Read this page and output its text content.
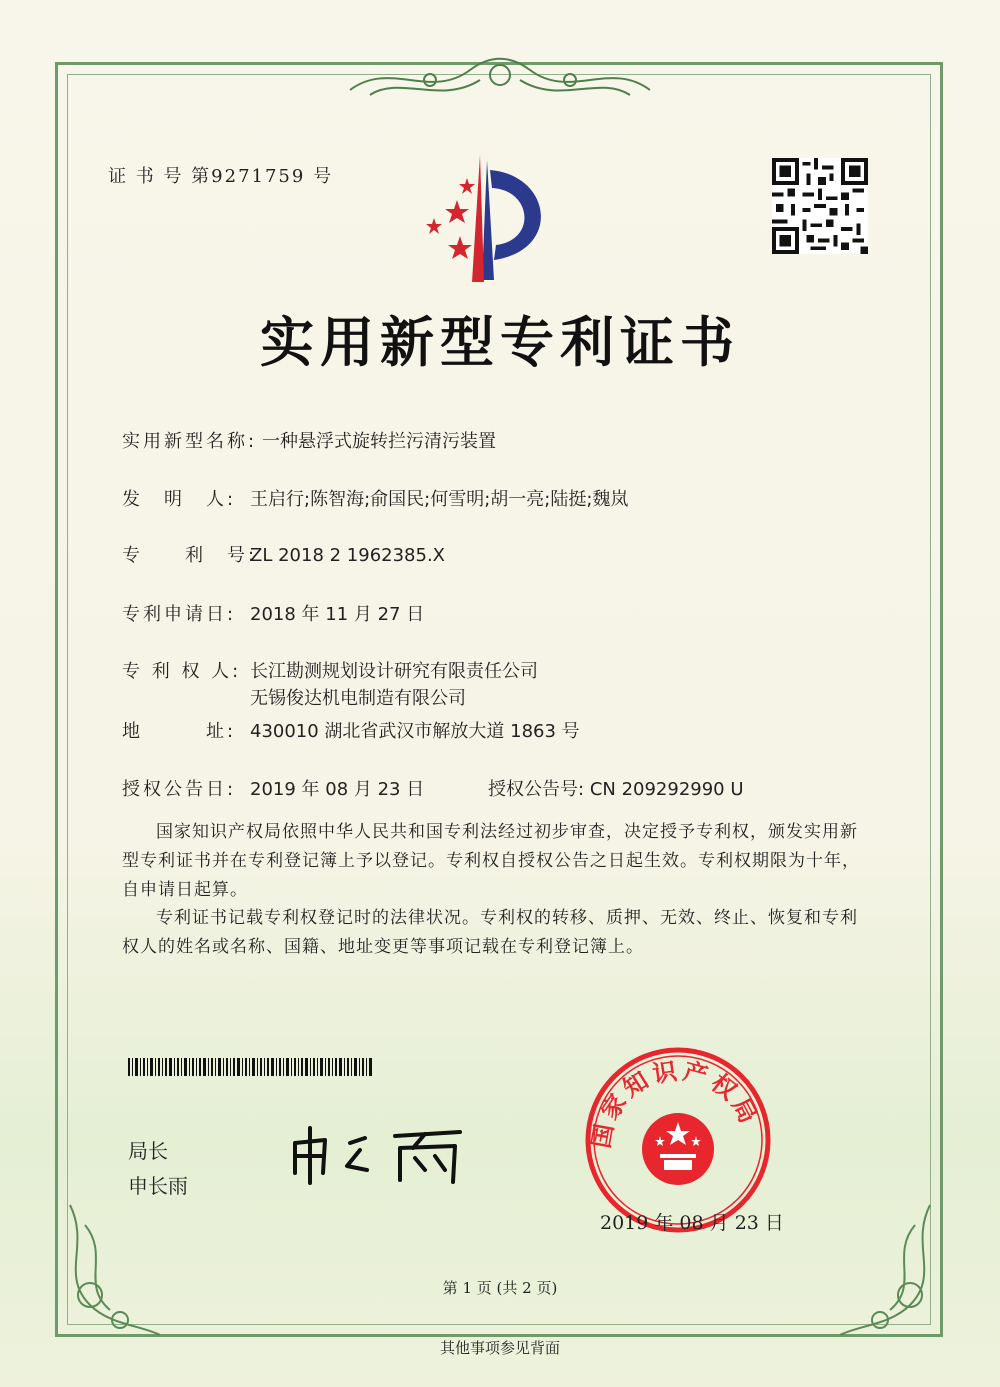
证 书 号 第9271759 号
实用新型专利证书
实用新型名称: 一种悬浮式旋转拦污清污装置
发　明　人: 王启行;陈智海;俞国民;何雪明;胡一亮;陆挺;魏岚
专　　利　号:ZL 2018 2 1962385.X
专利申请日: 2018 年 11 月 27 日
专 利 权 人: 长江勘测规划设计研究有限责任公司
无锡俊达机电制造有限公司
地　　　址: 430010 湖北省武汉市解放大道 1863 号
授权公告日: 2019 年 08 月 23 日	授权公告号: CN 209292990 U
国家知识产权局依照中华人民共和国专利法经过初步审查，决定授予专利权，颁发实用新型专利证书并在专利登记簿上予以登记。专利权自授权公告之日起生效。专利权期限为十年，自申请日起算。
专利证书记载专利权登记时的法律状况。专利权的转移、质押、无效、终止、恢复和专利权人的姓名或名称、国籍、地址变更等事项记载在专利登记簿上。
局长
申长雨
国家知识产权局
2019 年 08 月 23 日
第 1 页 (共 2 页)
其他事项参见背面
